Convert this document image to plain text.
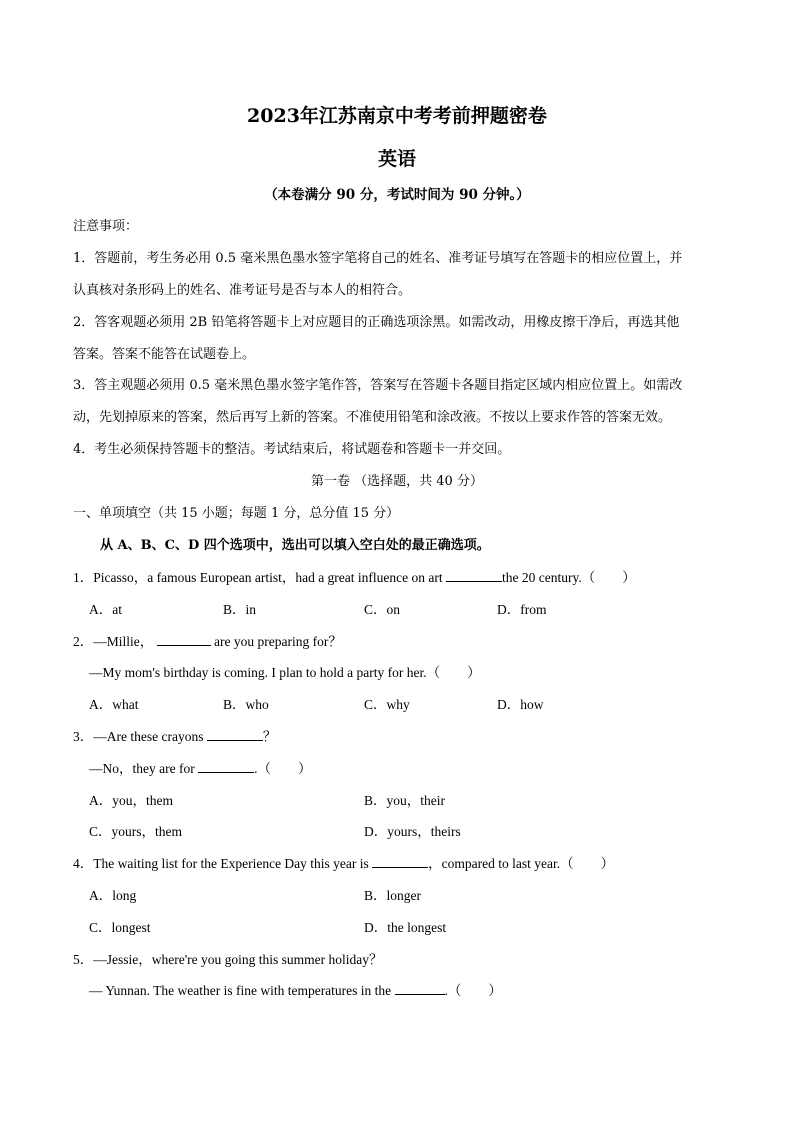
2023年江苏南京中考考前押题密卷
英语
（本卷满分 90 分，考试时间为 90 分钟。）
注意事项：
1．答题前，考生务必用 0.5 毫米黑色墨水签字笔将自己的姓名、准考证号填写在答题卡的相应位置上，并
认真核对条形码上的姓名、准考证号是否与本人的相符合。
2．答客观题必须用 2B 铅笔将答题卡上对应题目的正确选项涂黑。如需改动，用橡皮擦干净后，再选其他
答案。答案不能答在试题卷上。
3．答主观题必须用 0.5 毫米黑色墨水签字笔作答，答案写在答题卡各题目指定区域内相应位置上。如需改
动，先划掉原来的答案，然后再写上新的答案。不准使用铅笔和涂改液。不按以上要求作答的答案无效。
4．考生必须保持答题卡的整洁。考试结束后，将试题卷和答题卡一并交回。
第一卷 （选择题，共 40 分）
一、单项填空（共 15 小题；每题 1 分，总分值 15 分）
从 A、B、C、D 四个选项中，选出可以填入空白处的最正确选项。
1．Picasso，a famous European artist，had a great influence on art	the 20 century.（　　）
A．at	B．in	C．on	D．from
2．—Millie，	are you preparing for？
—My mom's birthday is coming. I plan to hold a party for her.（　　）
A．what	B．who	C．why	D．how
3．—Are these crayons	？
—No，they are for	.（　　）
A．you，them	B．you，their
C．yours，them	D．yours，theirs
4．The waiting list for the Experience Day this year is	，compared to last year.（　　）
A．long	B．longer
C．longest	D．the longest
5．—Jessie，where're you going this summer holiday？
— Yunnan. The weather is fine with temperatures in the	.（　　）
